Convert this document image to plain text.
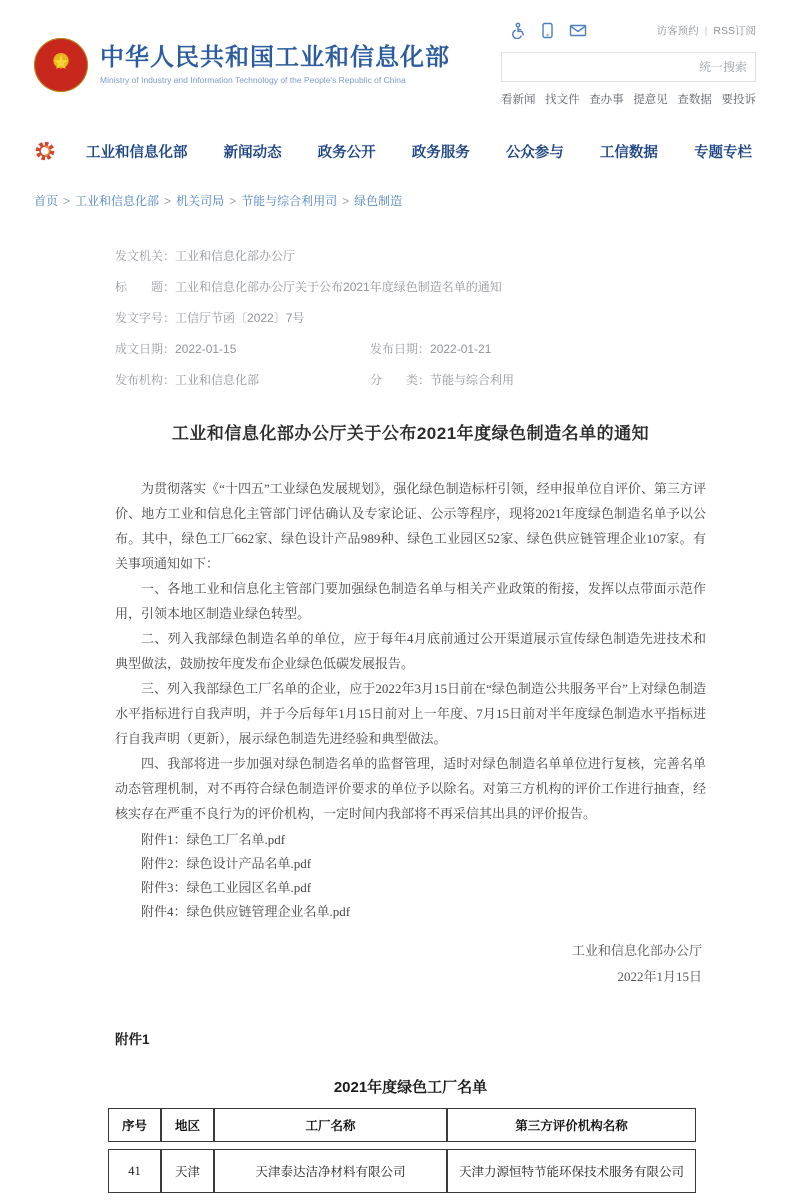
★ 中华人民共和国工业和信息化部
Ministry of Industry and Information Technology of the People's Republic of China
访客预约 | RSS订阅
统一搜索
看新闻 找文件 查办事 提意见 查数据 要投诉
工业和信息化部 新闻动态 政务公开 政务服务 公众参与 工信数据 专题专栏
首页 > 工业和信息化部 > 机关司局 > 节能与综合利用司 > 绿色制造
发文机关：工业和信息化部办公厅
标　　题：工业和信息化部办公厅关于公布2021年度绿色制造名单的通知
发文字号：工信厅节函〔2022〕7号
成文日期：2022-01-15	发布日期：2022-01-21
发布机构：工业和信息化部	分　　类：节能与综合利用
工业和信息化部办公厅关于公布2021年度绿色制造名单的通知

为贯彻落实《“十四五”工业绿色发展规划》，强化绿色制造标杆引领，经申报单位自评价、第三方评价、地方工业和信息化主管部门评估确认及专家论证、公示等程序，现将2021年度绿色制造名单予以公布。其中，绿色工厂662家、绿色设计产品989种、绿色工业园区52家、绿色供应链管理企业107家。有关事项通知如下：

一、各地工业和信息化主管部门要加强绿色制造名单与相关产业政策的衔接，发挥以点带面示范作用，引领本地区制造业绿色转型。

二、列入我部绿色制造名单的单位，应于每年4月底前通过公开渠道展示宣传绿色制造先进技术和典型做法，鼓励按年度发布企业绿色低碳发展报告。

三、列入我部绿色工厂名单的企业，应于2022年3月15日前在“绿色制造公共服务平台”上对绿色制造水平指标进行自我声明，并于今后每年1月15日前对上一年度、7月15日前对半年度绿色制造水平指标进行自我声明（更新），展示绿色制造先进经验和典型做法。

四、我部将进一步加强对绿色制造名单的监督管理，适时对绿色制造名单单位进行复核，完善名单动态管理机制，对不再符合绿色制造评价要求的单位予以除名。对第三方机构的评价工作进行抽查，经核实存在严重不良行为的评价机构，一定时间内我部将不再采信其出具的评价报告。

附件1：绿色工厂名单.pdf

附件2：绿色设计产品名单.pdf

附件3：绿色工业园区名单.pdf

附件4：绿色供应链管理企业名单.pdf

工业和信息化部办公厅
2022年1月15日
附件1
2021年度绿色工厂名单
序号	地区	工厂名称	第三方评价机构名称
41	天津	天津泰达洁净材料有限公司	天津力源恒特节能环保技术服务有限公司
